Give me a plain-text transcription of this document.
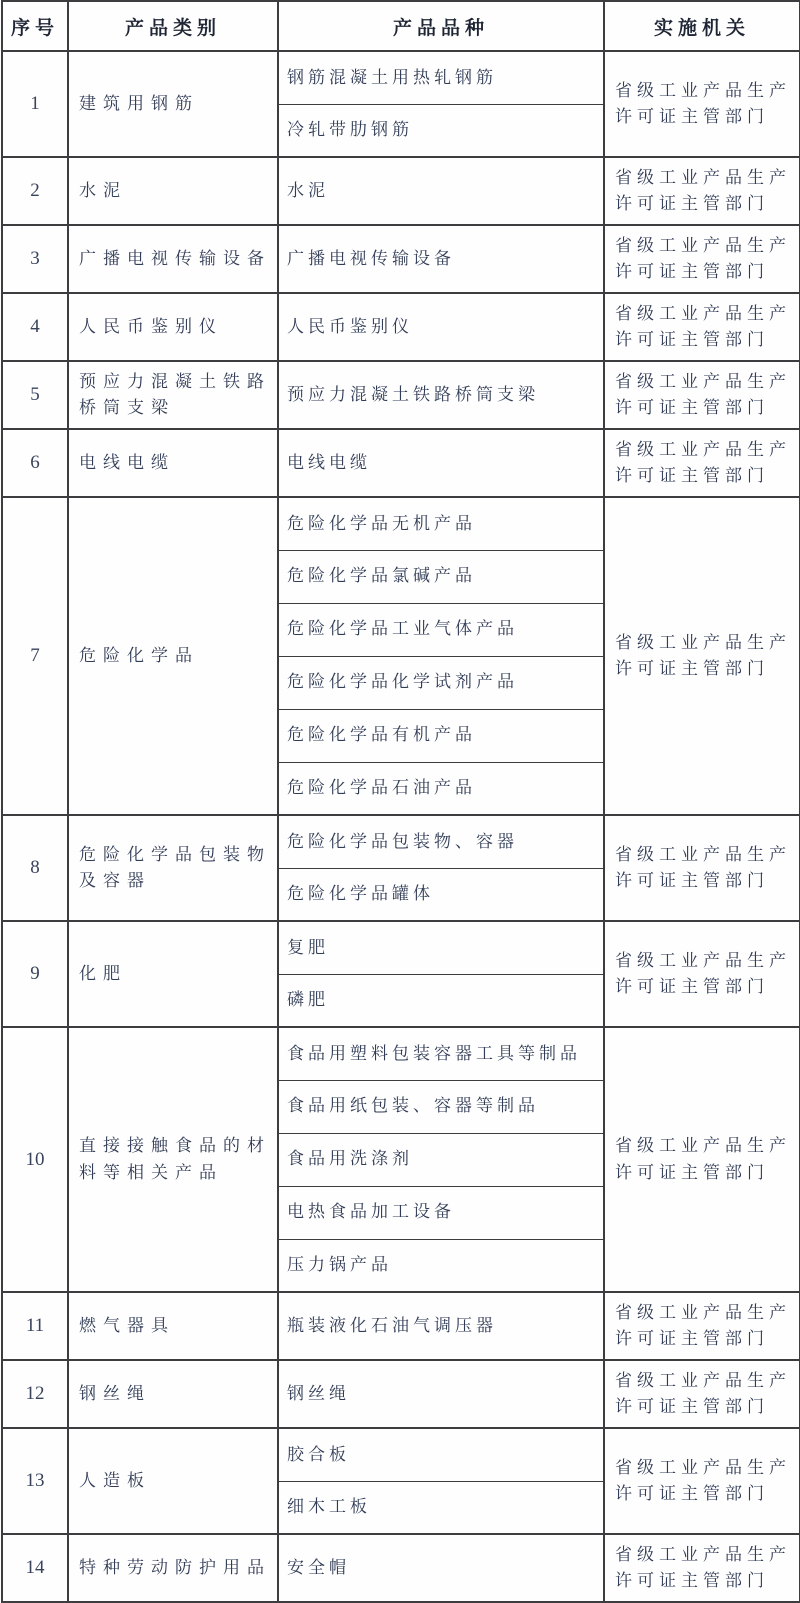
序号	产品类别	产品品种	实施机关
1	建筑用钢筋	钢筋混凝土用热轧钢筋	省级工业产品生产许可证主管部门
		冷轧带肋钢筋	
2	水泥	水泥	省级工业产品生产许可证主管部门
3	广播电视传输设备	广播电视传输设备	省级工业产品生产许可证主管部门
4	人民币鉴别仪	人民币鉴别仪	省级工业产品生产许可证主管部门
5	预应力混凝土铁路桥筒支梁	预应力混凝土铁路桥筒支梁	省级工业产品生产许可证主管部门
6	电线电缆	电线电缆	省级工业产品生产许可证主管部门
7	危险化学品	危险化学品无机产品	省级工业产品生产许可证主管部门
		危险化学品氯碱产品	
		危险化学品工业气体产品	
		危险化学品化学试剂产品	
		危险化学品有机产品	
		危险化学品石油产品	
8	危险化学品包装物及容器	危险化学品包装物、容器	省级工业产品生产许可证主管部门
		危险化学品罐体	
9	化肥	复肥	省级工业产品生产许可证主管部门
		磷肥	
10	直接接触食品的材料等相关产品	食品用塑料包装容器工具等制品	省级工业产品生产许可证主管部门
		食品用纸包装、容器等制品	
		食品用洗涤剂	
		电热食品加工设备	
		压力锅产品	
11	燃气器具	瓶装液化石油气调压器	省级工业产品生产许可证主管部门
12	钢丝绳	钢丝绳	省级工业产品生产许可证主管部门
13	人造板	胶合板	省级工业产品生产许可证主管部门
		细木工板	
14	特种劳动防护用品	安全帽	省级工业产品生产许可证主管部门
